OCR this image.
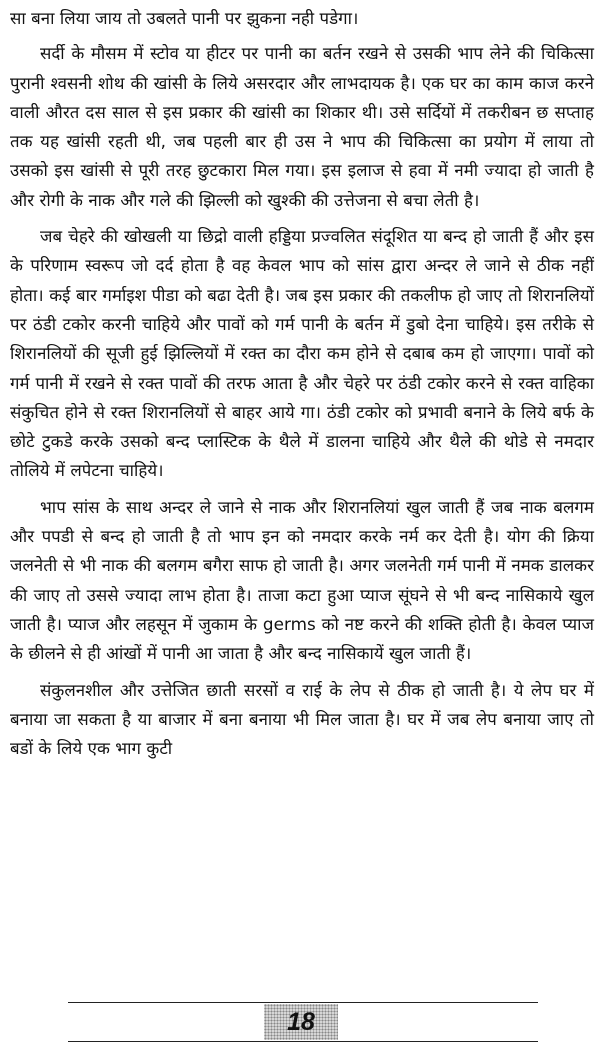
सा बना लिया जाय तो उबलते पानी पर झुकना नही पडेगा।

सर्दी के मौसम में स्टोव या हीटर पर पानी का बर्तन रखने से उसकी भाप लेने की चिकित्सा पुरानी श्वसनी शोथ की खांसी के लिये असरदार और लाभदायक है। एक घर का काम काज करने वाली औरत दस साल से इस प्रकार की खांसी का शिकार थी। उसे सर्दियों में तकरीबन छ सप्ताह तक यह खांसी रहती थी, जब पहली बार ही उस ने भाप की चिकित्सा का प्रयोग में लाया तो उसको इस खांसी से पूरी तरह छुटकारा मिल गया। इस इलाज से हवा में नमी ज्यादा हो जाती है और रोगी के नाक और गले की झिल्ली को खुश्की की उत्तेजना से बचा लेती है।

जब चेहरे की खोखली या छिद्रो वाली हड्डिया प्रज्वलित संदूशित या बन्द हो जाती हैं और इस के परिणाम स्वरूप जो दर्द होता है वह केवल भाप को सांस द्वारा अन्दर ले जाने से ठीक नहीं होता। कई बार गर्माइश पीडा को बढा देती है। जब इस प्रकार की तकलीफ हो जाए तो शिरानलियों पर ठंडी टकोर करनी चाहिये और पावों को गर्म पानी के बर्तन में डुबो देना चाहिये। इस तरीके से शिरानलियों की सूजी हुई झिल्लियों में रक्त का दौरा कम होने से दबाब कम हो जाएगा। पावों को गर्म पानी में रखने से रक्त पावों की तरफ आता है और चेहरे पर ठंडी टकोर करने से रक्त वाहिका संकुचित होने से रक्त शिरानलियों से बाहर आये गा। ठंडी टकोर को प्रभावी बनाने के लिये बर्फ के छोटे टुकडे करके उसको बन्द प्लास्टिक के थैले में डालना चाहिये और थैले की थोडे से नमदार तोलिये में लपेटना चाहिये।

भाप सांस के साथ अन्दर ले जाने से नाक और शिरानलियां खुल जाती हैं जब नाक बलगम और पपडी से बन्द हो जाती है तो भाप इन को नमदार करके नर्म कर देती है। योग की क्रिया जलनेती से भी नाक की बलगम बगैरा साफ हो जाती है। अगर जलनेती गर्म पानी में नमक डालकर की जाए तो उससे ज्यादा लाभ होता है। ताजा कटा हुआ प्याज सूंघने से भी बन्द नासिकाये खुल जाती है। प्याज और लहसून में जुकाम के germs को नष्ट करने की शक्ति होती है। केवल प्याज के छीलने से ही आंखों में पानी आ जाता है और बन्द नासिकायें खुल जाती हैं।

संकुलनशील और उत्तेजित छाती सरसों व राई के लेप से ठीक हो जाती है। ये लेप घर में बनाया जा सकता है या बाजार में बना बनाया भी मिल जाता है। घर में जब लेप बनाया जाए तो बडों के लिये एक भाग कुटी

18
